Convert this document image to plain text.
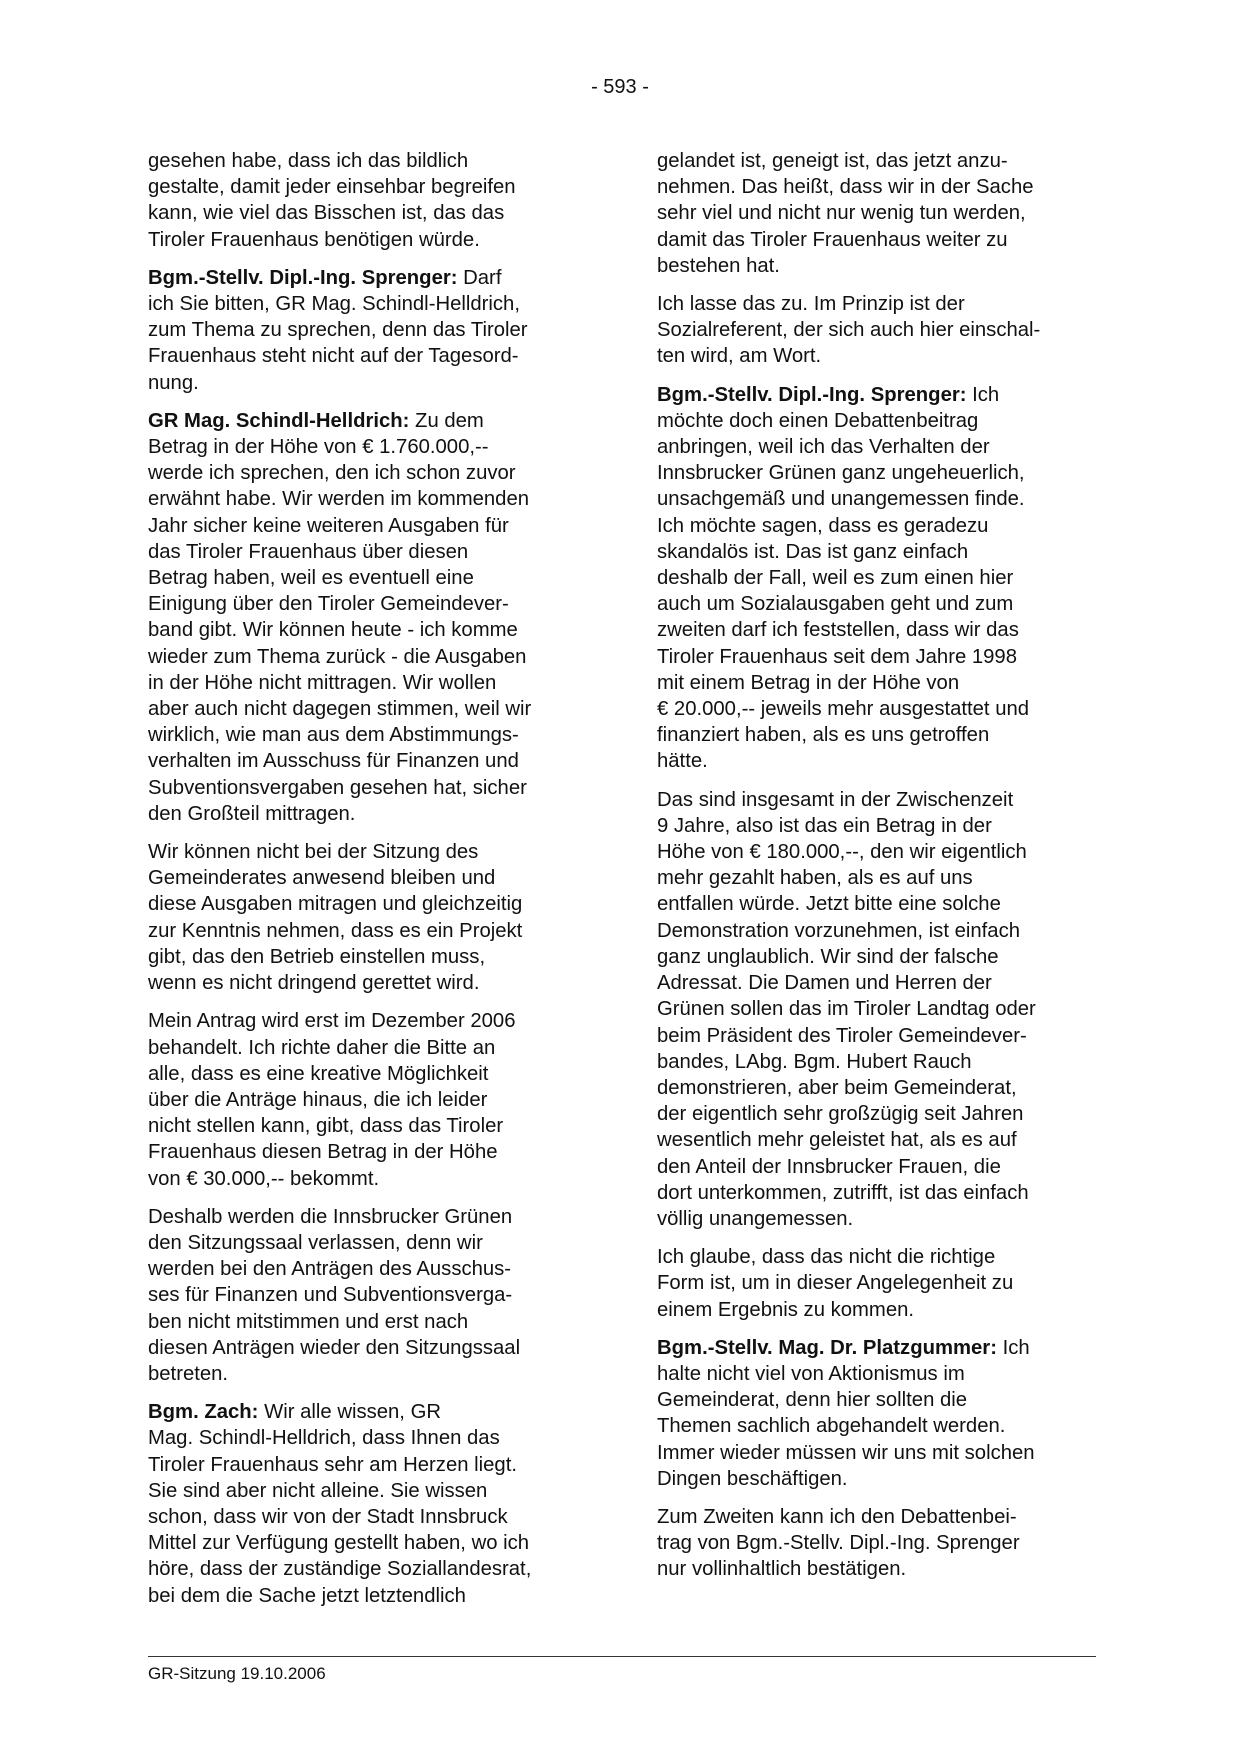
- 593 -

gesehen habe, dass ich das bildlich
gestalte, damit jeder einsehbar begreifen
kann, wie viel das Bisschen ist, das das
Tiroler Frauenhaus benötigen würde.

Bgm.-Stellv. Dipl.-Ing. Sprenger: Darf
ich Sie bitten, GR Mag. Schindl-Helldrich,
zum Thema zu sprechen, denn das Tiroler
Frauenhaus steht nicht auf der Tagesord-
nung.

GR Mag. Schindl-Helldrich: Zu dem
Betrag in der Höhe von € 1.760.000,--
werde ich sprechen, den ich schon zuvor
erwähnt habe. Wir werden im kommenden
Jahr sicher keine weiteren Ausgaben für
das Tiroler Frauenhaus über diesen
Betrag haben, weil es eventuell eine
Einigung über den Tiroler Gemeindever-
band gibt. Wir können heute - ich komme
wieder zum Thema zurück - die Ausgaben
in der Höhe nicht mittragen. Wir wollen
aber auch nicht dagegen stimmen, weil wir
wirklich, wie man aus dem Abstimmungs-
verhalten im Ausschuss für Finanzen und
Subventionsvergaben gesehen hat, sicher
den Großteil mittragen.

Wir können nicht bei der Sitzung des
Gemeinderates anwesend bleiben und
diese Ausgaben mitragen und gleichzeitig
zur Kenntnis nehmen, dass es ein Projekt
gibt, das den Betrieb einstellen muss,
wenn es nicht dringend gerettet wird.

Mein Antrag wird erst im Dezember 2006
behandelt. Ich richte daher die Bitte an
alle, dass es eine kreative Möglichkeit
über die Anträge hinaus, die ich leider
nicht stellen kann, gibt, dass das Tiroler
Frauenhaus diesen Betrag in der Höhe
von € 30.000,-- bekommt.

Deshalb werden die Innsbrucker Grünen
den Sitzungssaal verlassen, denn wir
werden bei den Anträgen des Ausschus-
ses für Finanzen und Subventionsverga-
ben nicht mitstimmen und erst nach
diesen Anträgen wieder den Sitzungssaal
betreten.

Bgm. Zach: Wir alle wissen, GR
Mag. Schindl-Helldrich, dass Ihnen das
Tiroler Frauenhaus sehr am Herzen liegt.
Sie sind aber nicht alleine. Sie wissen
schon, dass wir von der Stadt Innsbruck
Mittel zur Verfügung gestellt haben, wo ich
höre, dass der zuständige Soziallandesrat,
bei dem die Sache jetzt letztendlich

gelandet ist, geneigt ist, das jetzt anzu-
nehmen. Das heißt, dass wir in der Sache
sehr viel und nicht nur wenig tun werden,
damit das Tiroler Frauenhaus weiter zu
bestehen hat.

Ich lasse das zu. Im Prinzip ist der
Sozialreferent, der sich auch hier einschal-
ten wird, am Wort.

Bgm.-Stellv. Dipl.-Ing. Sprenger: Ich
möchte doch einen Debattenbeitrag
anbringen, weil ich das Verhalten der
Innsbrucker Grünen ganz ungeheuerlich,
unsachgemäß und unangemessen finde.
Ich möchte sagen, dass es geradezu
skandalös ist. Das ist ganz einfach
deshalb der Fall, weil es zum einen hier
auch um Sozialausgaben geht und zum
zweiten darf ich feststellen, dass wir das
Tiroler Frauenhaus seit dem Jahre 1998
mit einem Betrag in der Höhe von
€ 20.000,-- jeweils mehr ausgestattet und
finanziert haben, als es uns getroffen
hätte.

Das sind insgesamt in der Zwischenzeit
9 Jahre, also ist das ein Betrag in der
Höhe von € 180.000,--, den wir eigentlich
mehr gezahlt haben, als es auf uns
entfallen würde. Jetzt bitte eine solche
Demonstration vorzunehmen, ist einfach
ganz unglaublich. Wir sind der falsche
Adressat. Die Damen und Herren der
Grünen sollen das im Tiroler Landtag oder
beim Präsident des Tiroler Gemeindever-
bandes, LAbg. Bgm. Hubert Rauch
demonstrieren, aber beim Gemeinderat,
der eigentlich sehr großzügig seit Jahren
wesentlich mehr geleistet hat, als es auf
den Anteil der Innsbrucker Frauen, die
dort unterkommen, zutrifft, ist das einfach
völlig unangemessen.

Ich glaube, dass das nicht die richtige
Form ist, um in dieser Angelegenheit zu
einem Ergebnis zu kommen.

Bgm.-Stellv. Mag. Dr. Platzgummer: Ich
halte nicht viel von Aktionismus im
Gemeinderat, denn hier sollten die
Themen sachlich abgehandelt werden.
Immer wieder müssen wir uns mit solchen
Dingen beschäftigen.

Zum Zweiten kann ich den Debattenbei-
trag von Bgm.-Stellv. Dipl.-Ing. Sprenger
nur vollinhaltlich bestätigen.

GR-Sitzung 19.10.2006
